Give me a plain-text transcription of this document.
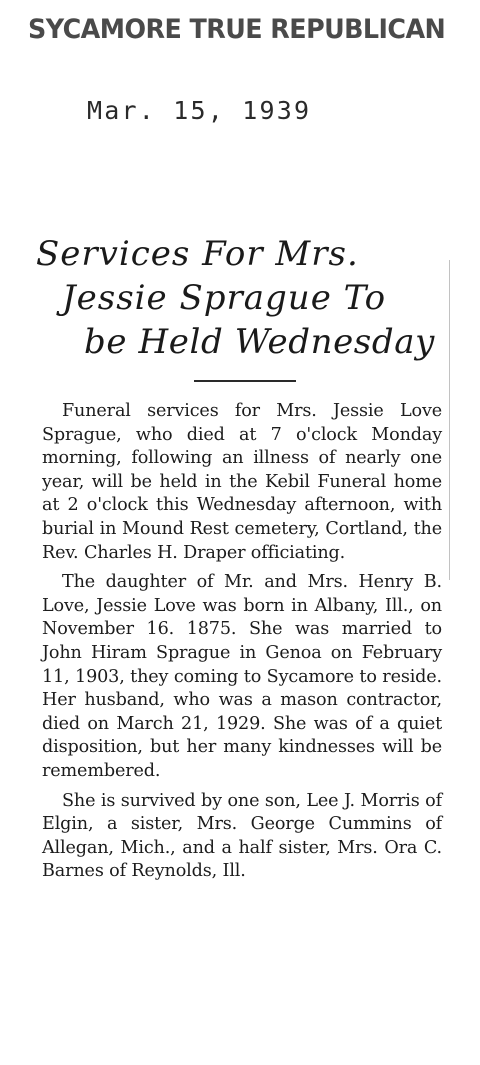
SYCAMORE TRUE REPUBLICAN
Mar. 15, 1939
Services For Mrs.
Jessie Sprague To
be Held Wednesday

Funeral services for Mrs. Jessie Love Sprague, who died at 7 o'clock Monday morning, following an illness of nearly one year, will be held in the Kebil Funeral home at 2 o'clock this Wednesday afternoon, with burial in Mound Rest cemetery, Cortland, the Rev. Charles H. Draper officiating.

The daughter of Mr. and Mrs. Henry B. Love, Jessie Love was born in Albany, Ill., on November 16. 1875. She was married to John Hiram Sprague in Genoa on February 11, 1903, they coming to Sycamore to reside. Her husband, who was a mason contractor, died on March 21, 1929. She was of a quiet disposition, but her many kindnesses will be remembered.

She is survived by one son, Lee J. Morris of Elgin, a sister, Mrs. George Cummins of Allegan, Mich., and a half sister, Mrs. Ora C. Barnes of Reynolds, Ill.
